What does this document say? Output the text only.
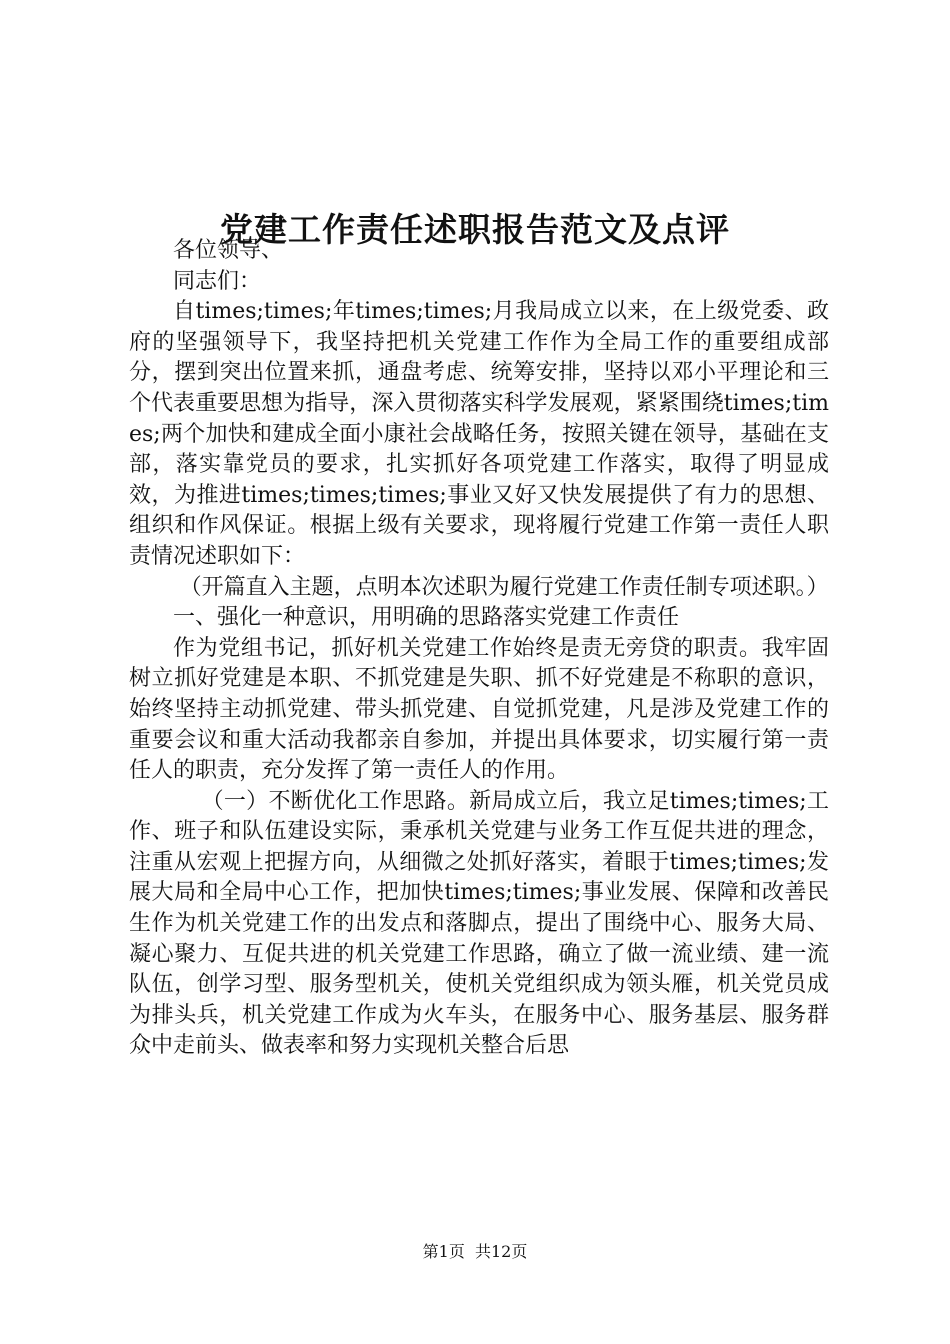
党建工作责任述职报告范文及点评

各位领导、

同志们：

自times;times;年times;times;月我局成立以来，在上级党委、政府的坚强领导下，我坚持把机关党建工作作为全局工作的重要组成部分，摆到突出位置来抓，通盘考虑、统筹安排，坚持以邓小平理论和三个代表重要思想为指导，深入贯彻落实科学发展观，紧紧围绕times;times;两个加快和建成全面小康社会战略任务，按照关键在领导，基础在支部，落实靠党员的要求，扎实抓好各项党建工作落实，取得了明显成效，为推进times;times;times;事业又好又快发展提供了有力的思想、组织和作风保证。根据上级有关要求，现将履行党建工作第一责任人职责情况述职如下：

（开篇直入主题，点明本次述职为履行党建工作责任制专项述职。）

一、强化一种意识，用明确的思路落实党建工作责任

作为党组书记，抓好机关党建工作始终是责无旁贷的职责。我牢固树立抓好党建是本职、不抓党建是失职、抓不好党建是不称职的意识，始终坚持主动抓党建、带头抓党建、自觉抓党建，凡是涉及党建工作的重要会议和重大活动我都亲自参加，并提出具体要求，切实履行第一责任人的职责，充分发挥了第一责任人的作用。

（一）不断优化工作思路。新局成立后，我立足times;times;工作、班子和队伍建设实际，秉承机关党建与业务工作互促共进的理念，注重从宏观上把握方向，从细微之处抓好落实，着眼于times;times;发展大局和全局中心工作，把加快times;times;事业发展、保障和改善民生作为机关党建工作的出发点和落脚点，提出了围绕中心、服务大局、凝心聚力、互促共进的机关党建工作思路，确立了做一流业绩、建一流队伍，创学习型、服务型机关，使机关党组织成为领头雁，机关党员成为排头兵，机关党建工作成为火车头，在服务中心、服务基层、服务群众中走前头、做表率和努力实现机关整合后思

第1页  共12页
